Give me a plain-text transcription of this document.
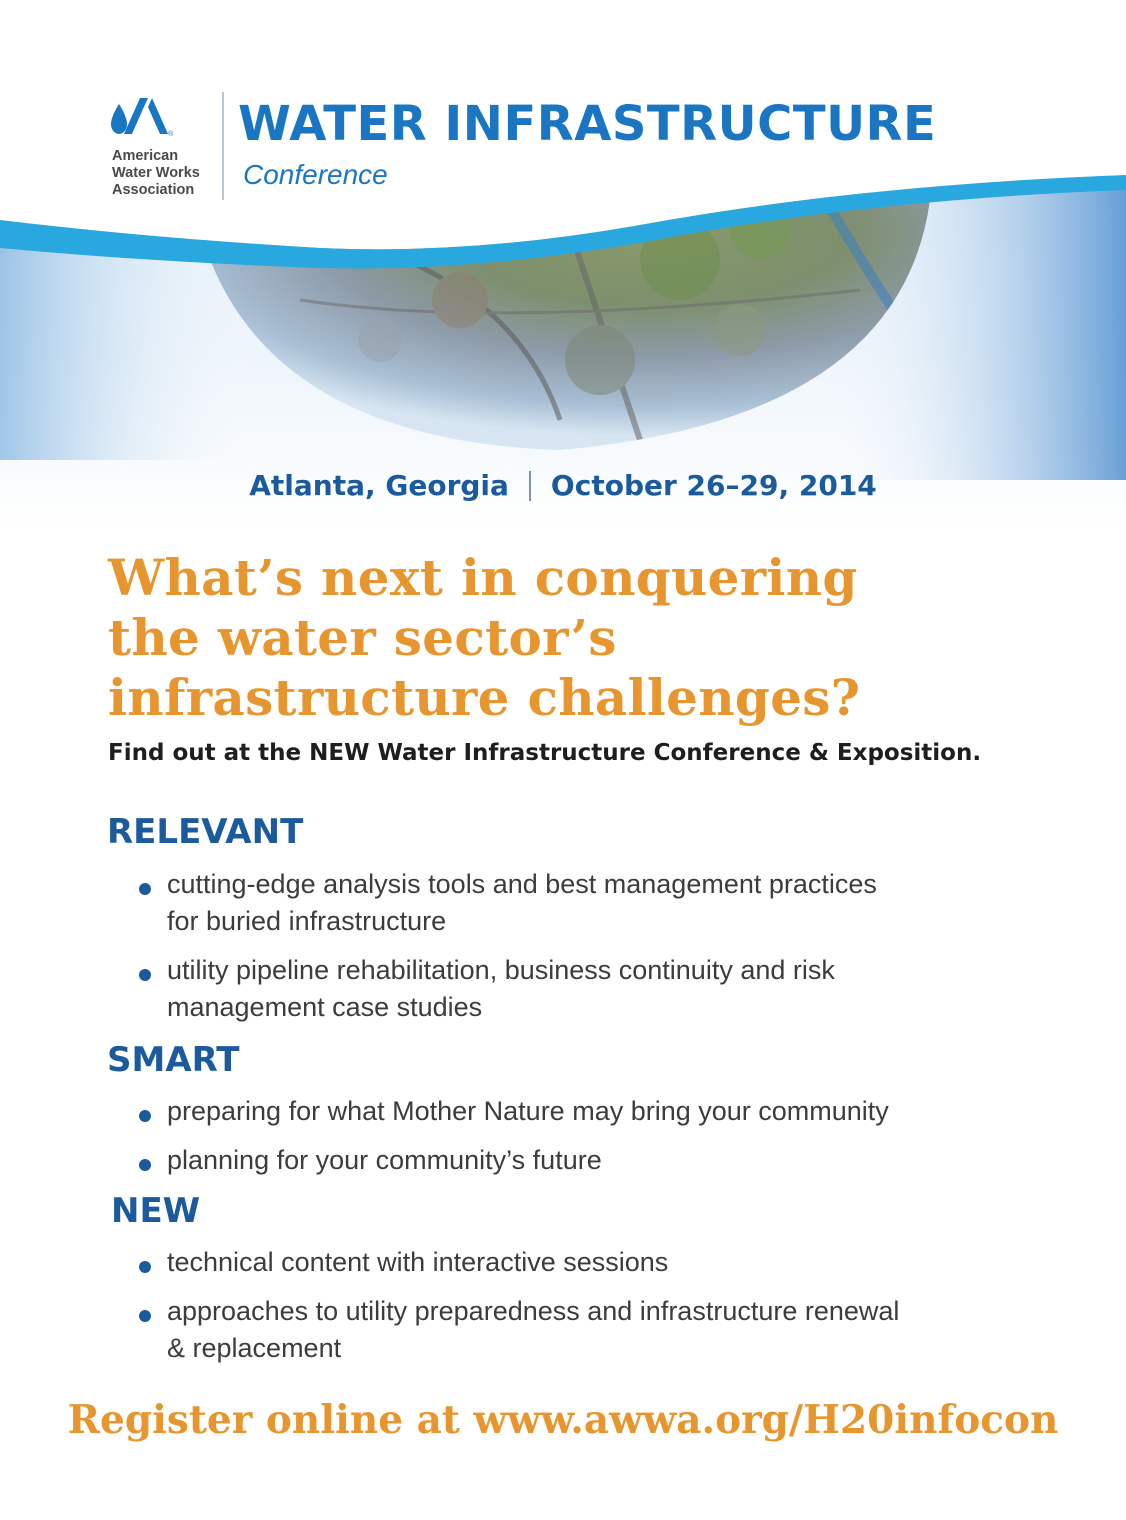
®
American
Water Works
Association
WATER INFRASTRUCTURE
Conference
Atlanta, Georgia October 26–29, 2014
What’s next in conquering
the water sector’s
infrastructure challenges?
Find out at the NEW Water Infrastructure Conference & Exposition.
RELEVANT
cutting-edge analysis tools and best management practices
for buried infrastructure
utility pipeline rehabilitation, business continuity and risk
management case studies
SMART
preparing for what Mother Nature may bring your community
planning for your community’s future
NEW
technical content with interactive sessions
approaches to utility preparedness and infrastructure renewal
& replacement
Register online at www.awwa.org/H20infocon
